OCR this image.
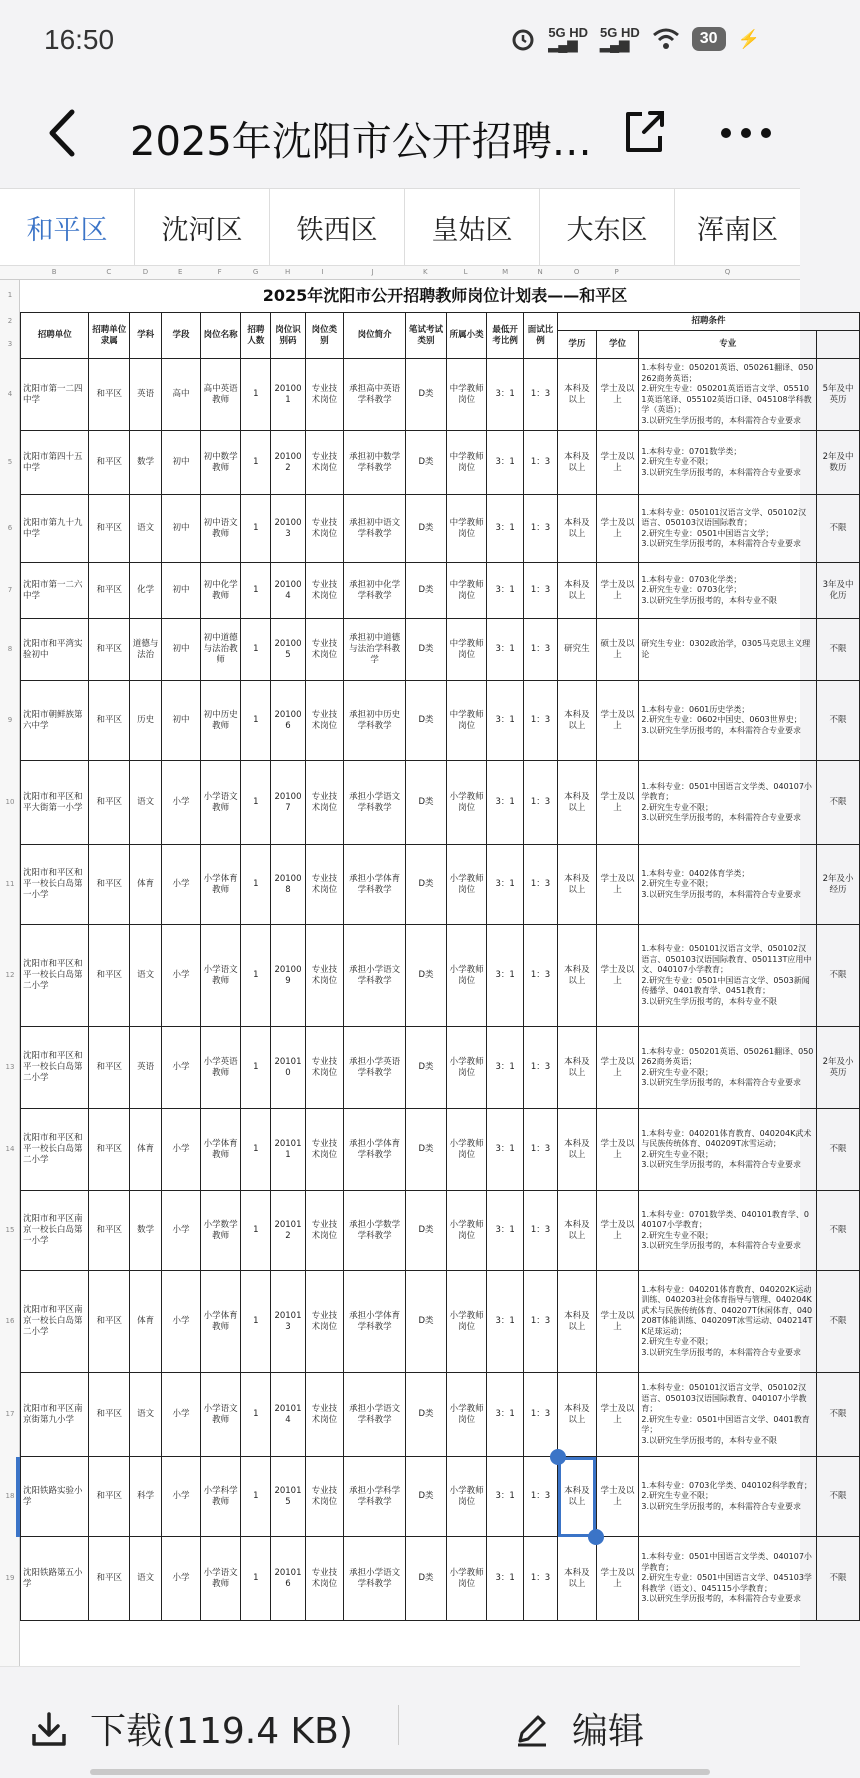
16:50	5G HD
▂▄▆
5G HD
▂▄▆	30	⚡
2025年沈阳市公开招聘…
和平区	沈河区	铁西区	皇姑区	大东区	浑南区
B	C	D	E	F	G	H	I	J	K	L	M	N	O	P	Q
1
2
3
4
5
6
7
8
9
10
11
12
13
14
15
16
17
18
19
2025年沈阳市公开招聘教师岗位计划表——和平区
招聘单位	招聘单位隶属	学科	学段	岗位名称	招聘人数	岗位识别码	岗位类别	岗位简介	笔试考试类别	所属小类	最低开考比例	面试比例	招聘条件			
													学历	学位	专业	
沈阳市第一二四中学	和平区	英语	高中	高中英语教师	1	201001	专业技术岗位	承担高中英语学科教学	D类	中学教师岗位	3：1	1：3	本科及以上	学士及以上	1.本科专业：050201英语、050261翻译、050262商务英语；
2.研究生专业：050201英语语言文学、055101英语笔译、055102英语口译、045108学科教学（英语）；
3.以研究生学历报考的，本科需符合专业要求	5年及中英历
沈阳市第四十五中学	和平区	数学	初中	初中数学教师	1	201002	专业技术岗位	承担初中数学学科教学	D类	中学教师岗位	3：1	1：3	本科及以上	学士及以上	1.本科专业：0701数学类；
2.研究生专业不限；
3.以研究生学历报考的，本科需符合专业要求	2年及中数历
沈阳市第九十九中学	和平区	语文	初中	初中语文教师	1	201003	专业技术岗位	承担初中语文学科教学	D类	中学教师岗位	3：1	1：3	本科及以上	学士及以上	1.本科专业：050101汉语言文学、050102汉语言、050103汉语国际教育；
2.研究生专业：0501中国语言文学；
3.以研究生学历报考的，本科需符合专业要求	不限
沈阳市第一二六中学	和平区	化学	初中	初中化学教师	1	201004	专业技术岗位	承担初中化学学科教学	D类	中学教师岗位	3：1	1：3	本科及以上	学士及以上	1.本科专业：0703化学类；
2.研究生专业：0703化学；
3.以研究生学历报考的，本科专业不限	3年及中化历
沈阳市和平湾实验初中	和平区	道德与法治	初中	初中道德与法治教师	1	201005	专业技术岗位	承担初中道德与法治学科教学	D类	中学教师岗位	3：1	1：3	研究生	硕士及以上	研究生专业：0302政治学，0305马克思主义理论	不限
沈阳市朝鲜族第六中学	和平区	历史	初中	初中历史教师	1	201006	专业技术岗位	承担初中历史学科教学	D类	中学教师岗位	3：1	1：3	本科及以上	学士及以上	1.本科专业：0601历史学类；
2.研究生专业：0602中国史、0603世界史；
3.以研究生学历报考的，本科需符合专业要求	不限
沈阳市和平区和平大街第一小学	和平区	语文	小学	小学语文教师	1	201007	专业技术岗位	承担小学语文学科教学	D类	小学教师岗位	3：1	1：3	本科及以上	学士及以上	1.本科专业：0501中国语言文学类、040107小学教育；
2.研究生专业不限；
3.以研究生学历报考的，本科需符合专业要求	不限
沈阳市和平区和平一校长白岛第一小学	和平区	体育	小学	小学体育教师	1	201008	专业技术岗位	承担小学体育学科教学	D类	小学教师岗位	3：1	1：3	本科及以上	学士及以上	1.本科专业：0402体育学类；
2.研究生专业不限；
3.以研究生学历报考的，本科需符合专业要求	2年及小经历
沈阳市和平区和平一校长白岛第二小学	和平区	语文	小学	小学语文教师	1	201009	专业技术岗位	承担小学语文学科教学	D类	小学教师岗位	3：1	1：3	本科及以上	学士及以上	1.本科专业：050101汉语言文学、050102汉语言、050103汉语国际教育、050113T应用中文、040107小学教育；
2.研究生专业：0501中国语言文学、0503新闻传播学、0401教育学、0451教育；
3.以研究生学历报考的，本科专业不限	不限
沈阳市和平区和平一校长白岛第二小学	和平区	英语	小学	小学英语教师	1	201010	专业技术岗位	承担小学英语学科教学	D类	小学教师岗位	3：1	1：3	本科及以上	学士及以上	1.本科专业：050201英语、050261翻译、050262商务英语；
2.研究生专业不限；
3.以研究生学历报考的，本科需符合专业要求	2年及小英历
沈阳市和平区和平一校长白岛第二小学	和平区	体育	小学	小学体育教师	1	201011	专业技术岗位	承担小学体育学科教学	D类	小学教师岗位	3：1	1：3	本科及以上	学士及以上	1.本科专业：040201体育教育、040204K武术与民族传统体育、040209T冰雪运动；
2.研究生专业不限；
3.以研究生学历报考的，本科需符合专业要求	不限
沈阳市和平区南京一校长白岛第一小学	和平区	数学	小学	小学数学教师	1	201012	专业技术岗位	承担小学数学学科教学	D类	小学教师岗位	3：1	1：3	本科及以上	学士及以上	1.本科专业：0701数学类、040101教育学、040107小学教育；
2.研究生专业不限；
3.以研究生学历报考的，本科需符合专业要求	不限
沈阳市和平区南京一校长白岛第二小学	和平区	体育	小学	小学体育教师	1	201013	专业技术岗位	承担小学体育学科教学	D类	小学教师岗位	3：1	1：3	本科及以上	学士及以上	1.本科专业：040201体育教育、040202K运动训练、040203社会体育指导与管理、040204K武术与民族传统体育、040207T休闲体育、040208T体能训练、040209T冰雪运动、040214TK足球运动；
2.研究生专业不限；
3.以研究生学历报考的，本科需符合专业要求	不限
沈阳市和平区南京街第九小学	和平区	语文	小学	小学语文教师	1	201014	专业技术岗位	承担小学语文学科教学	D类	小学教师岗位	3：1	1：3	本科及以上	学士及以上	1.本科专业：050101汉语言文学、050102汉语言、050103汉语国际教育、040107小学教育；
2.研究生专业：0501中国语言文学、0401教育学；
3.以研究生学历报考的，本科专业不限	不限
沈阳铁路实验小学	和平区	科学	小学	小学科学教师	1	201015	专业技术岗位	承担小学科学学科教学	D类	小学教师岗位	3：1	1：3	本科及以上	学士及以上	1.本科专业：0703化学类、040102科学教育；
2.研究生专业不限；
3.以研究生学历报考的，本科需符合专业要求	不限
沈阳铁路第五小学	和平区	语文	小学	小学语文教师	1	201016	专业技术岗位	承担小学语文学科教学	D类	小学教师岗位	3：1	1：3	本科及以上	学士及以上	1.本科专业：0501中国语言文学类、040107小学教育；
2.研究生专业：0501中国语言文学、045103学科教学（语文）、045115小学教育；
3.以研究生学历报考的，本科需符合专业要求	不限
下载(119.4 KB)	编辑
